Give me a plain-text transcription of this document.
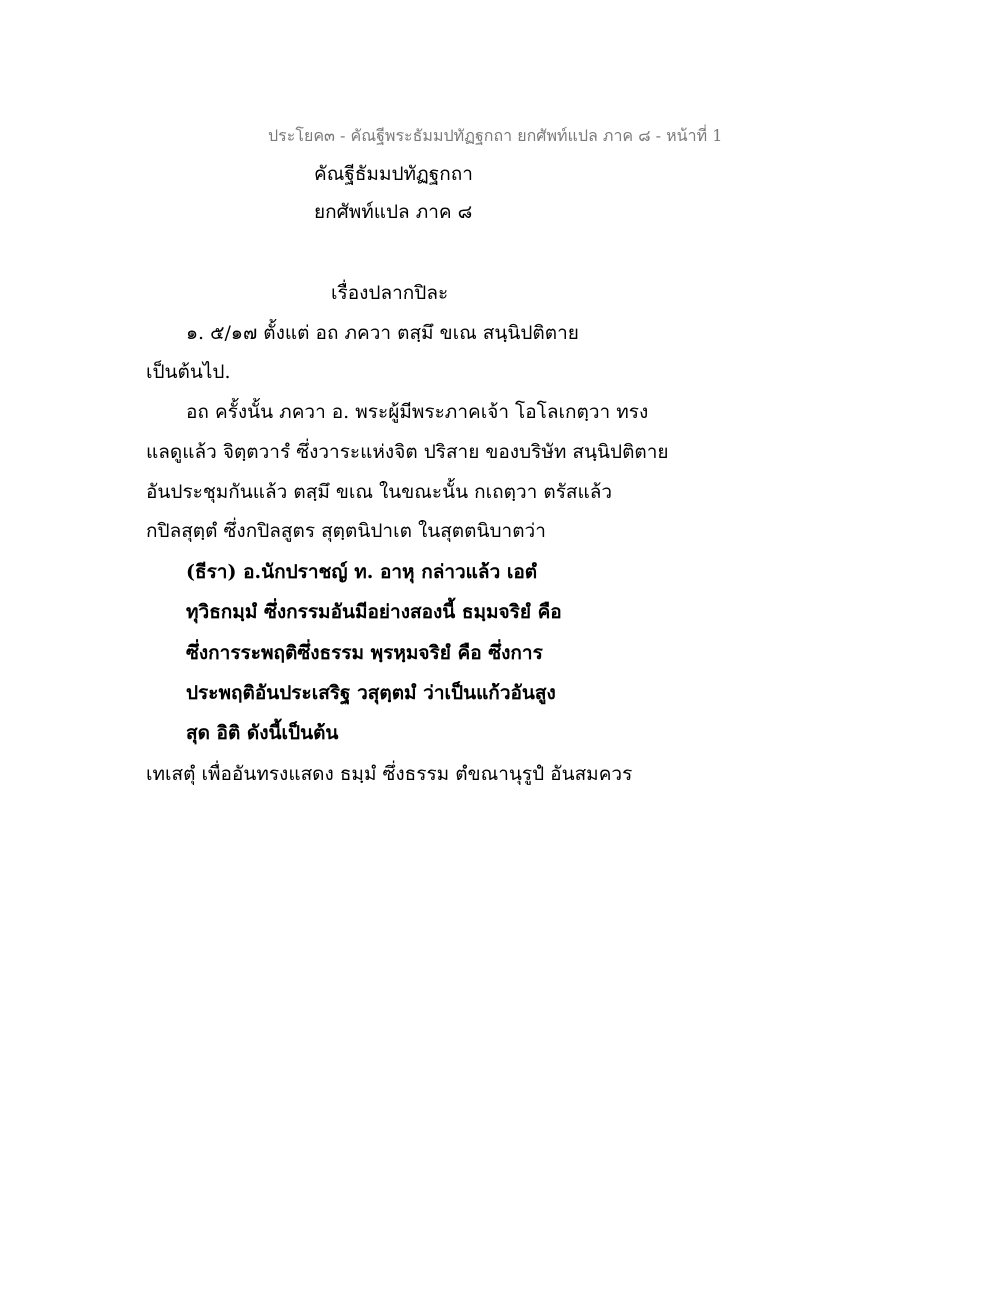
ประโยค๓ - คัณฐีพระธัมมปทัฏฐกถา ยกศัพท์แปล ภาค ๘ - หน้าที่ 1
คัณฐีธัมมปทัฏฐกถา
ยกศัพท์แปล ภาค ๘
เรื่องปลากปิละ
๑. ๕/๑๗ ตั้งแต่ อถ ภควา ตสฺมึ ขเณ สนฺนิปติตาย
เป็นต้นไป.
อถ ครั้งนั้น ภควา อ. พระผู้มีพระภาคเจ้า โอโลเกตฺวา ทรง
แลดูแล้ว จิตฺตวารํ ซึ่งวาระแห่งจิต ปริสาย ของบริษัท สนฺนิปติตาย
อันประชุมกันแล้ว ตสฺมึ ขเณ ในขณะนั้น กเถตฺวา ตรัสแล้ว
กปิลสุตฺตํ ซึ่งกปิลสูตร สุตฺตนิปาเต ในสุตตนิบาตว่า
(ธีรา) อ.นักปราชญ์ ท. อาหุ กล่าวแล้ว เอตํ
ทุวิธกมฺมํ ซึ่งกรรมอันมีอย่างสองนี้ ธมฺมจริยํ คือ
ซึ่งการระพฤติซึ่งธรรม พฺรหฺมจริยํ คือ ซึ่งการ
ประพฤติอันประเสริฐ วสุตฺตมํ ว่าเป็นแก้วอันสูง
สุด อิติ ดังนี้เป็นต้น
เทเสตุํ เพื่ออันทรงแสดง ธมฺมํ ซึ่งธรรม ตํขณานุรูปํ อันสมควร
